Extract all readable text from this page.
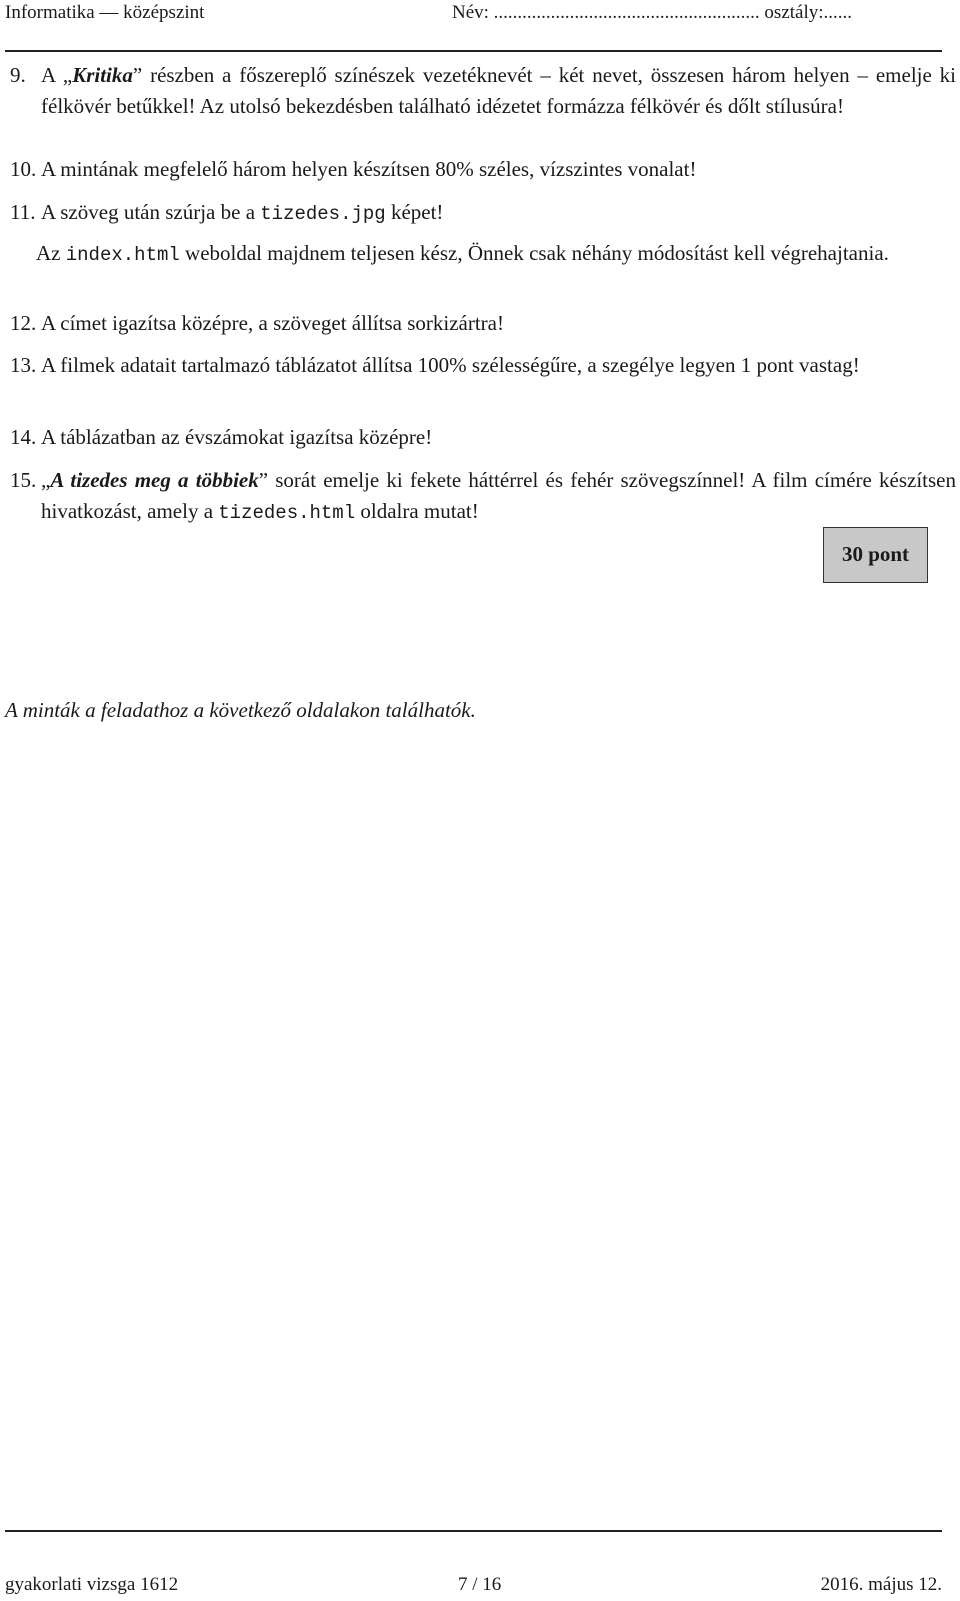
Informatika — középszint	Név: ........................................................ osztály:......
9. A „Kritika” részben a főszereplő színészek vezetéknevét – két nevet, összesen három helyen – emelje ki félkövér betűkkel! Az utolsó bekezdésben található idézetet formázza félkövér és dőlt stílusúra!
10. A mintának megfelelő három helyen készítsen 80% széles, vízszintes vonalat!
11. A szöveg után szúrja be a tizedes.jpg képet!
Az index.html weboldal majdnem teljesen kész, Önnek csak néhány módosítást kell végrehajtania.
12. A címet igazítsa középre, a szöveget állítsa sorkizártra!
13. A filmek adatait tartalmazó táblázatot állítsa 100% szélességűre, a szegélye legyen 1 pont vastag!
14. A táblázatban az évszámokat igazítsa középre!
15. „A tizedes meg a többiek” sorát emelje ki fekete háttérrel és fehér szövegszínnel! A film címére készítsen hivatkozást, amely a tizedes.html oldalra mutat!
30 pont
A minták a feladathoz a következő oldalakon találhatók.
gyakorlati vizsga 1612	7 / 16	2016. május 12.
